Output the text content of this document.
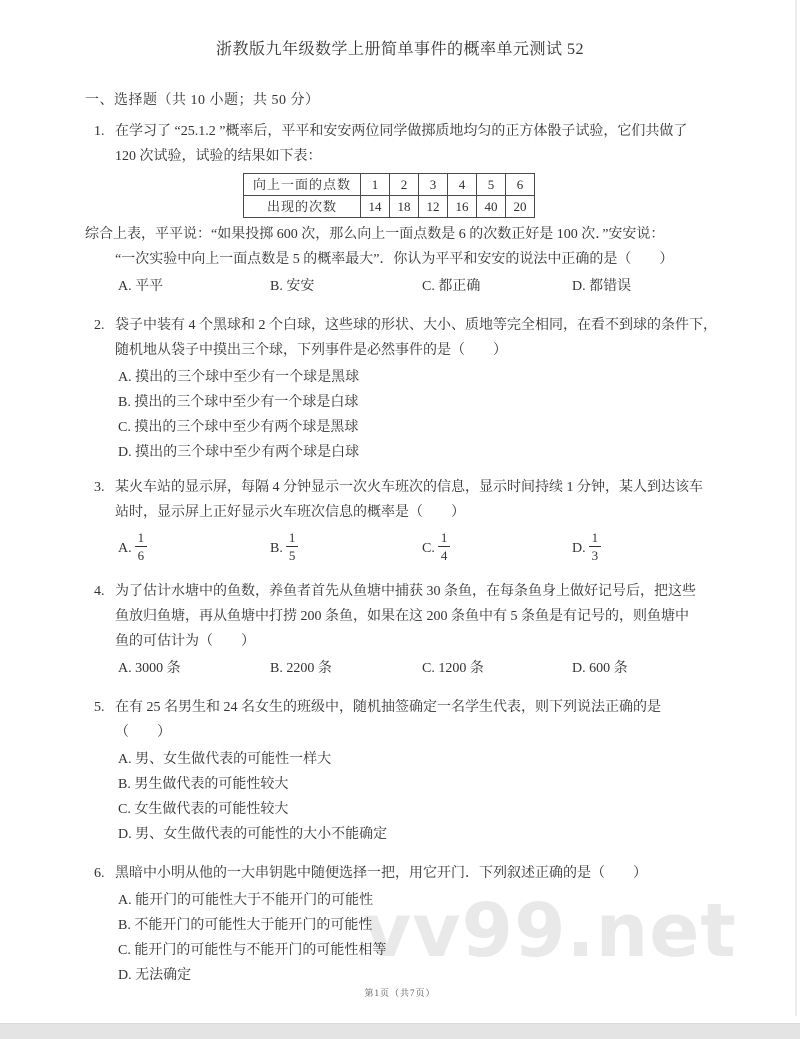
vv99.net
浙教版九年级数学上册简单事件的概率单元测试 52
一、选择题（共 10 小题；共 50 分）
1. 在学习了 “25.1.2 ”概率后，平平和安安两位同学做掷质地均匀的正方体骰子试验，它们共做了
120 次试验，试验的结果如下表：
向上一面的点数	1	2	3	4	5	6
出现的次数	14	18	12	16	40	20
综合上表，平平说：“如果投掷 600 次，那么向上一面点数是 6 的次数正好是 100 次．”安安说：
“一次实验中向上一面点数是 5 的概率最大”．你认为平平和安安的说法中正确的是（　　）
A. 平平	B. 安安	C. 都正确	D. 都错误
2. 袋子中装有 4 个黑球和 2 个白球，这些球的形状、大小、质地等完全相同，在看不到球的条件下，
随机地从袋子中摸出三个球，下列事件是必然事件的是（　　）
A. 摸出的三个球中至少有一个球是黑球
B. 摸出的三个球中至少有一个球是白球
C. 摸出的三个球中至少有两个球是黑球
D. 摸出的三个球中至少有两个球是白球
3. 某火车站的显示屏，每隔 4 分钟显示一次火车班次的信息，显示时间持续 1 分钟，某人到达该车
站时，显示屏上正好显示火车班次信息的概率是（　　）
A. $\frac{1}{6}$	B. $\frac{1}{5}$	C. $\frac{1}{4}$	D. $\frac{1}{3}$
4. 为了估计水塘中的鱼数，养鱼者首先从鱼塘中捕获 30 条鱼，在每条鱼身上做好记号后，把这些
鱼放归鱼塘，再从鱼塘中打捞 200 条鱼，如果在这 200 条鱼中有 5 条鱼是有记号的，则鱼塘中
鱼的可估计为（　　）
A. 3000 条	B. 2200 条	C. 1200 条	D. 600 条
5. 在有 25 名男生和 24 名女生的班级中，随机抽签确定一名学生代表，则下列说法正确的是
（　　）
A. 男、女生做代表的可能性一样大
B. 男生做代表的可能性较大
C. 女生做代表的可能性较大
D. 男、女生做代表的可能性的大小不能确定
6. 黑暗中小明从他的一大串钥匙中随便选择一把，用它开门．下列叙述正确的是（　　）
A. 能开门的可能性大于不能开门的可能性
B. 不能开门的可能性大于能开门的可能性
C. 能开门的可能性与不能开门的可能性相等
D. 无法确定
第1页（共7页）
